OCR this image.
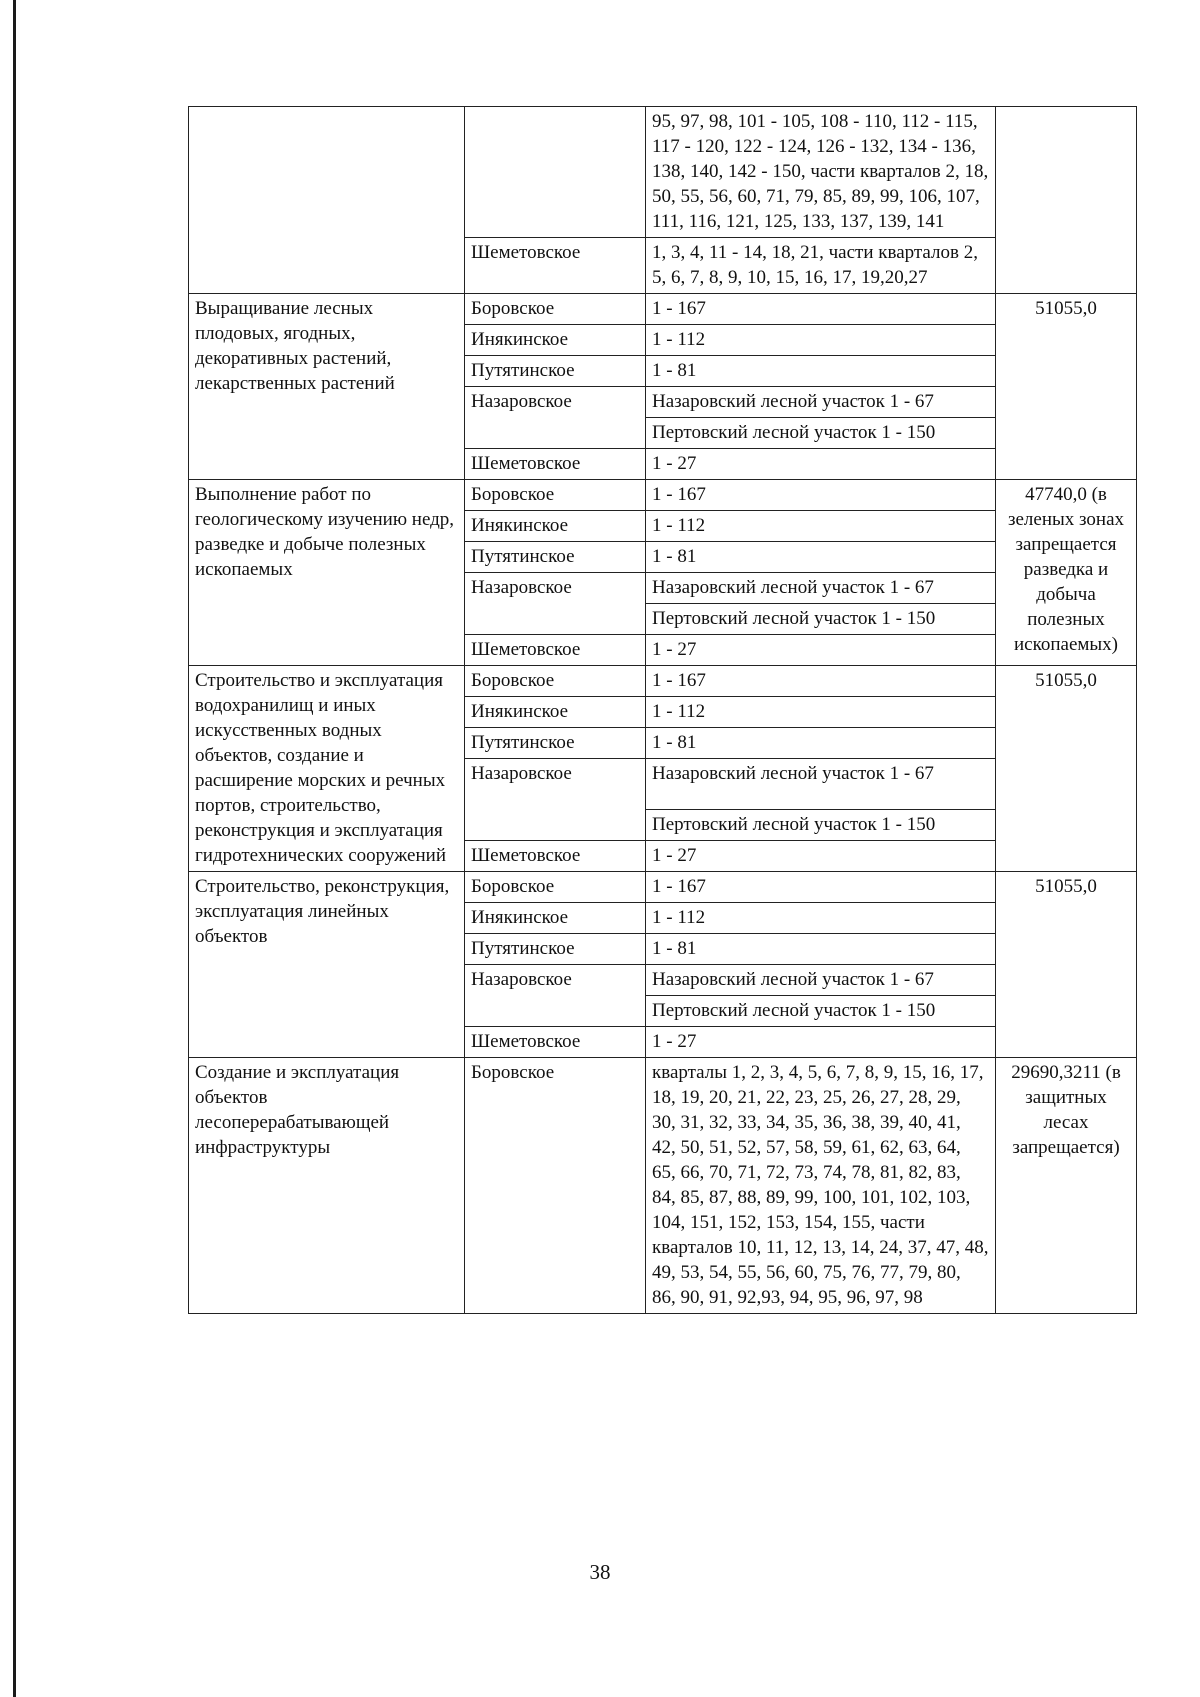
		95, 97, 98, 101 - 105, 108 - 110, 112 - 115, 117 - 120, 122 - 124, 126 - 132, 134 - 136, 138, 140, 142 - 150, части кварталов 2, 18, 50, 55, 56, 60, 71, 79, 85, 89, 99, 106, 107, 111, 116, 121, 125, 133, 137, 139, 141	
	Шеметовское	1, 3, 4, 11 - 14, 18, 21, части кварталов 2, 5, 6, 7, 8, 9, 10, 15, 16, 17, 19,20,27	
Выращивание лесных плодовых, ягодных, декоративных растений, лекарственных растений	Боровское	1 - 167	51055,0
	Инякинское	1 - 112	
	Путятинское	1 - 81	
	Назаровское	Назаровский лесной участок 1 - 67	
		Пертовский лесной участок 1 - 150	
	Шеметовское	1 - 27	
Выполнение работ по геологическому изучению недр, разведке и добыче полезных ископаемых	Боровское	1 - 167	47740,0 (в зеленых зонах запрещается разведка и добыча полезных ископаемых)
	Инякинское	1 - 112	
	Путятинское	1 - 81	
	Назаровское	Назаровский лесной участок 1 - 67	
		Пертовский лесной участок 1 - 150	
	Шеметовское	1 - 27	
Строительство и эксплуатация водохранилищ и иных искусственных водных объектов, создание и расширение морских и речных портов, строительство, реконструкция и эксплуатация гидротехнических сооружений	Боровское	1 - 167	51055,0
	Инякинское	1 - 112	
	Путятинское	1 - 81	
	Назаровское	Назаровский лесной участок 1 - 67	
		Пертовский лесной участок 1 - 150	
	Шеметовское	1 - 27	
Строительство, реконструкция, эксплуатация линейных объектов	Боровское	1 - 167	51055,0
	Инякинское	1 - 112	
	Путятинское	1 - 81	
	Назаровское	Назаровский лесной участок 1 - 67	
		Пертовский лесной участок 1 - 150	
	Шеметовское	1 - 27	
Создание и эксплуатация объектов лесоперерабатывающей инфраструктуры	Боровское	кварталы 1, 2, 3, 4, 5, 6, 7, 8, 9, 15, 16, 17, 18, 19, 20, 21, 22, 23, 25, 26, 27, 28, 29, 30, 31, 32, 33, 34, 35, 36, 38, 39, 40, 41, 42, 50, 51, 52, 57, 58, 59, 61, 62, 63, 64, 65, 66, 70, 71, 72, 73, 74, 78, 81, 82, 83, 84, 85, 87, 88, 89, 99, 100, 101, 102, 103, 104, 151, 152, 153, 154, 155, части кварталов 10, 11, 12, 13, 14, 24, 37, 47, 48, 49, 53, 54, 55, 56, 60, 75, 76, 77, 79, 80, 86, 90, 91, 92,93, 94, 95, 96, 97, 98	29690,3211 (в защитных лесах запрещается)
38
